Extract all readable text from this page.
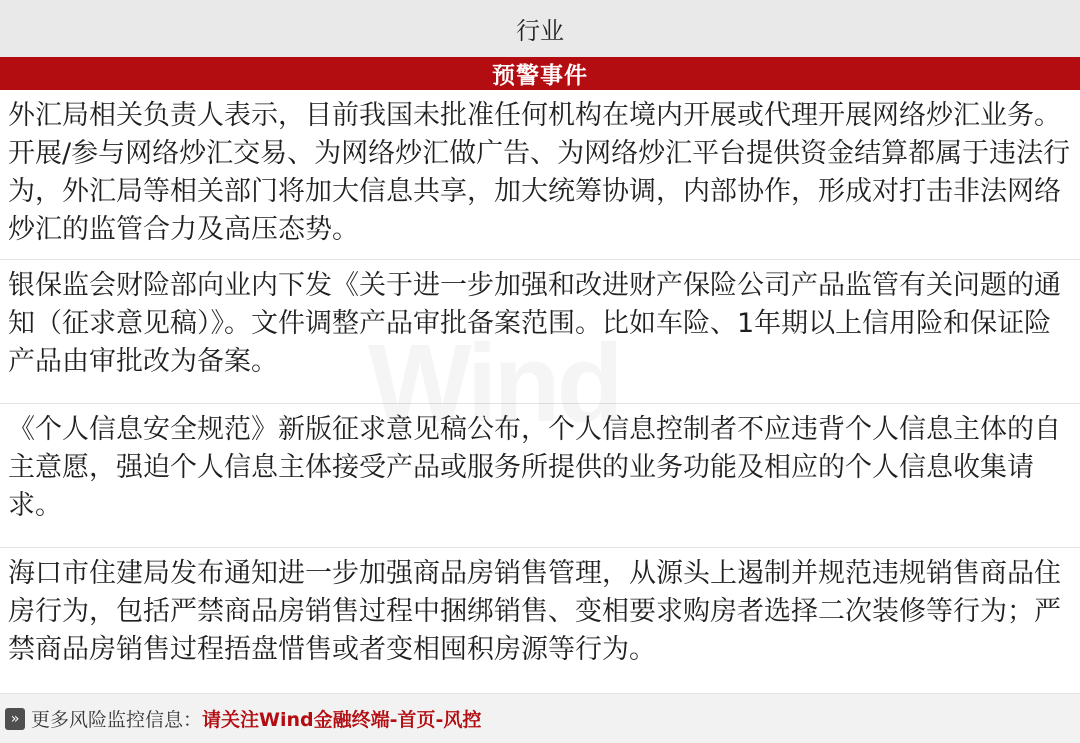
行业
预警事件
外汇局相关负责人表示，目前我国未批准任何机构在境内开展或代理开展网络炒汇业务。开展/参与网络炒汇交易、为网络炒汇做广告、为网络炒汇平台提供资金结算都属于违法行为，外汇局等相关部门将加大信息共享，加大统筹协调，内部协作，形成对打击非法网络炒汇的监管合力及高压态势。
银保监会财险部向业内下发《关于进一步加强和改进财产保险公司产品监管有关问题的通知（征求意见稿）》。文件调整产品审批备案范围。比如车险、1年期以上信用险和保证险产品由审批改为备案。
《个人信息安全规范》新版征求意见稿公布，个人信息控制者不应违背个人信息主体的自主意愿，强迫个人信息主体接受产品或服务所提供的业务功能及相应的个人信息收集请求。
海口市住建局发布通知进一步加强商品房销售管理，从源头上遏制并规范违规销售商品住房行为，包括严禁商品房销售过程中捆绑销售、变相要求购房者选择二次装修等行为；严禁商品房销售过程捂盘惜售或者变相囤积房源等行为。
» 更多风险监控信息： 请关注Wind金融终端-首页-风控
